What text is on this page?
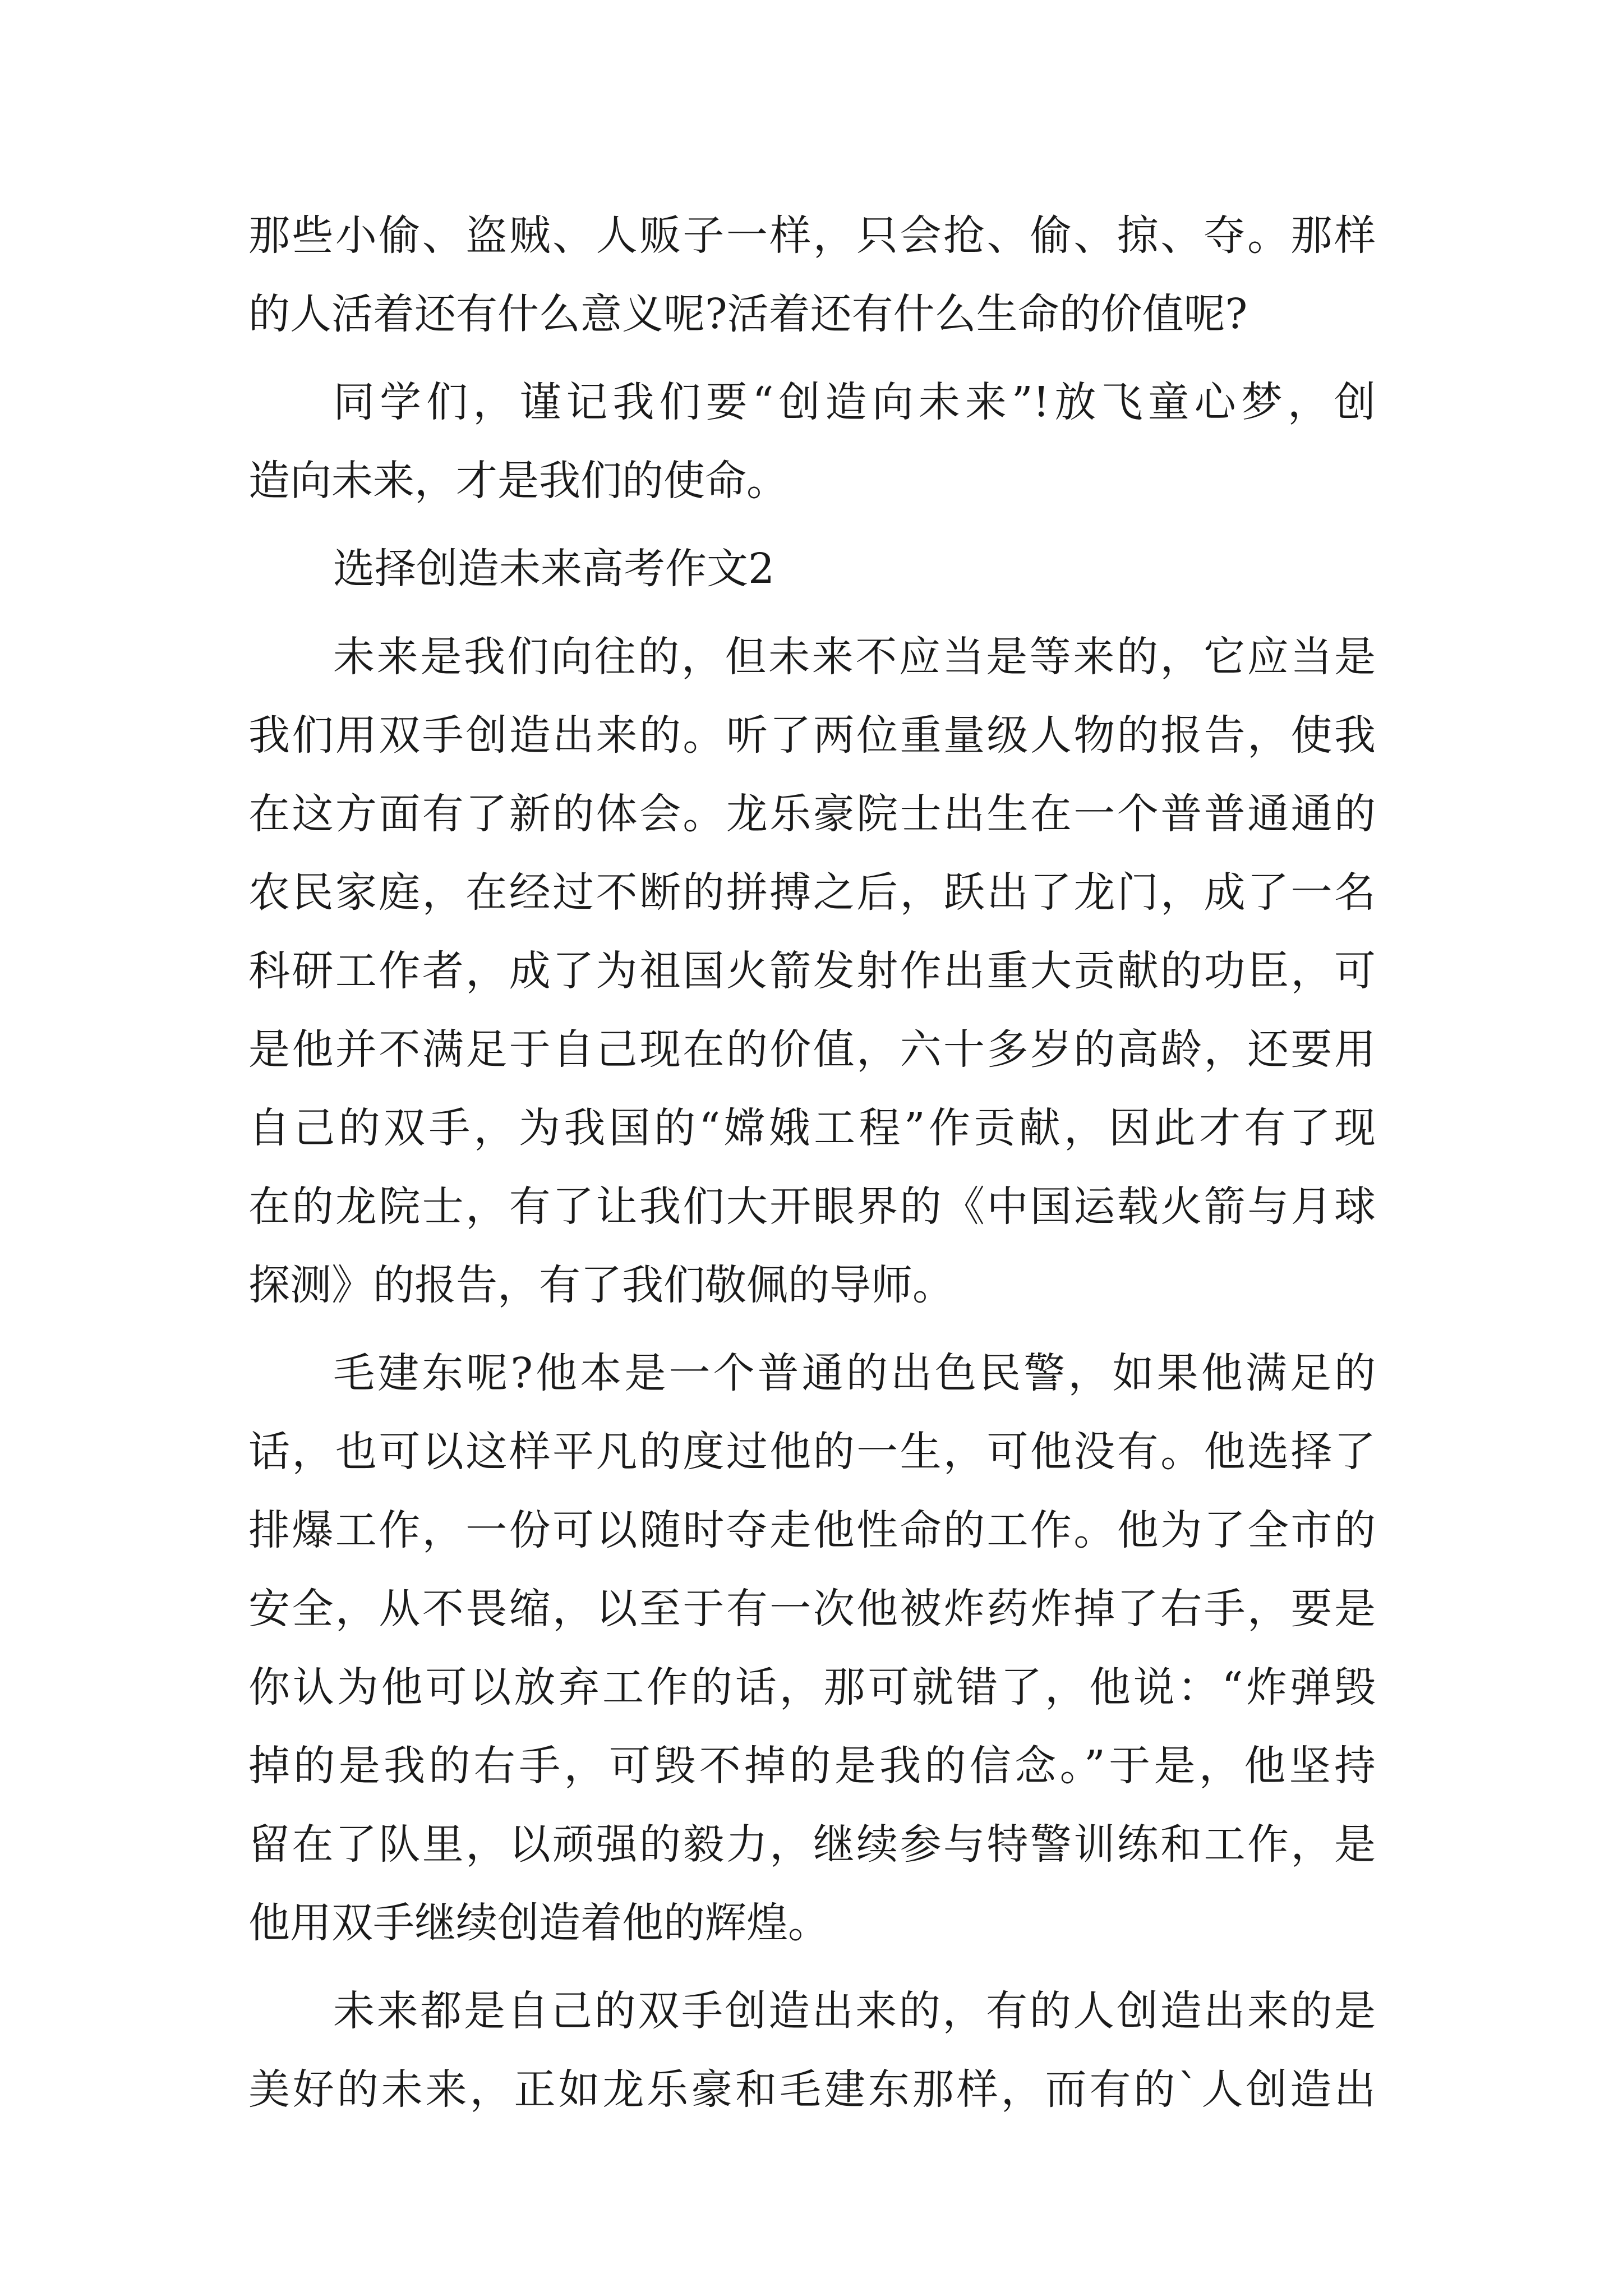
那些小偷、盗贼、人贩子一样，只会抢、偷、掠、夺。那样

的人活着还有什么意义呢?活着还有什么生命的价值呢?

同学们，谨记我们要“创造向未来”!放飞童心梦，创

造向未来，才是我们的使命。

选择创造未来高考作文2

未来是我们向往的，但未来不应当是等来的，它应当是

我们用双手创造出来的。听了两位重量级人物的报告，使我

在这方面有了新的体会。龙乐豪院士出生在一个普普通通的

农民家庭，在经过不断的拼搏之后，跃出了龙门，成了一名

科研工作者，成了为祖国火箭发射作出重大贡献的功臣，可

是他并不满足于自己现在的价值，六十多岁的高龄，还要用

自己的双手，为我国的“嫦娥工程”作贡献，因此才有了现

在的龙院士，有了让我们大开眼界的《中国运载火箭与月球

探测》的报告，有了我们敬佩的导师。

毛建东呢?他本是一个普通的出色民警，如果他满足的

话，也可以这样平凡的度过他的一生，可他没有。他选择了

排爆工作，一份可以随时夺走他性命的工作。他为了全市的

安全，从不畏缩，以至于有一次他被炸药炸掉了右手，要是

你认为他可以放弃工作的话，那可就错了，他说：“炸弹毁

掉的是我的右手，可毁不掉的是我的信念。”于是，他坚持

留在了队里，以顽强的毅力，继续参与特警训练和工作，是

他用双手继续创造着他的辉煌。

未来都是自己的双手创造出来的，有的人创造出来的是

美好的未来，正如龙乐豪和毛建东那样，而有的`人创造出
